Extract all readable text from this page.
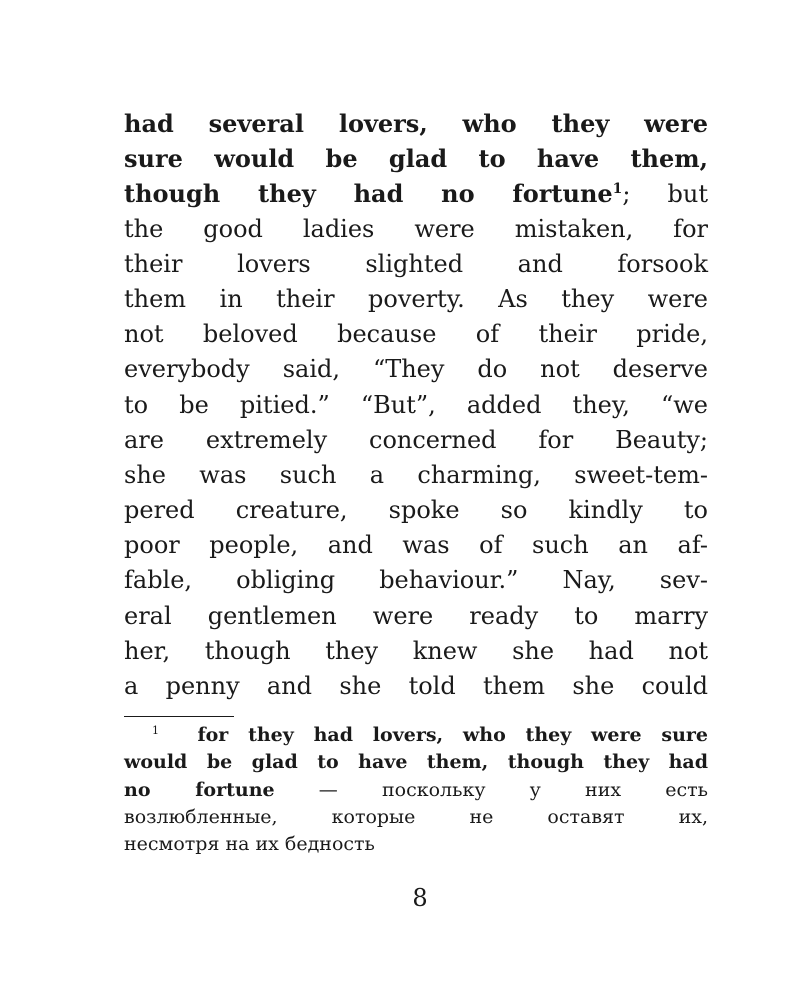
had several lovers, who they were
sure would be glad to have them,
though they had no fortune$^1$; but
the good ladies were mistaken, for
their lovers slighted and forsook
them in their poverty. As they were
not beloved because of their pride,
everybody said, “They do not deserve
to be pitied.” “But”, added they, “we
are extremely concerned for Beauty;
she was such a charming, sweet-tem-
pered creature, spoke so kindly to
poor people, and was of such an af-
fable, obliging behaviour.” Nay, sev-
eral gentlemen were ready to marry
her, though they knew she had not
a penny and she told them she could
$^1$ for they had lovers, who they were sure
would be glad to have them, though they had
no fortune — поскольку у них есть
возлюбленные, которые не оставят их,
несмотря на их бедность
8
